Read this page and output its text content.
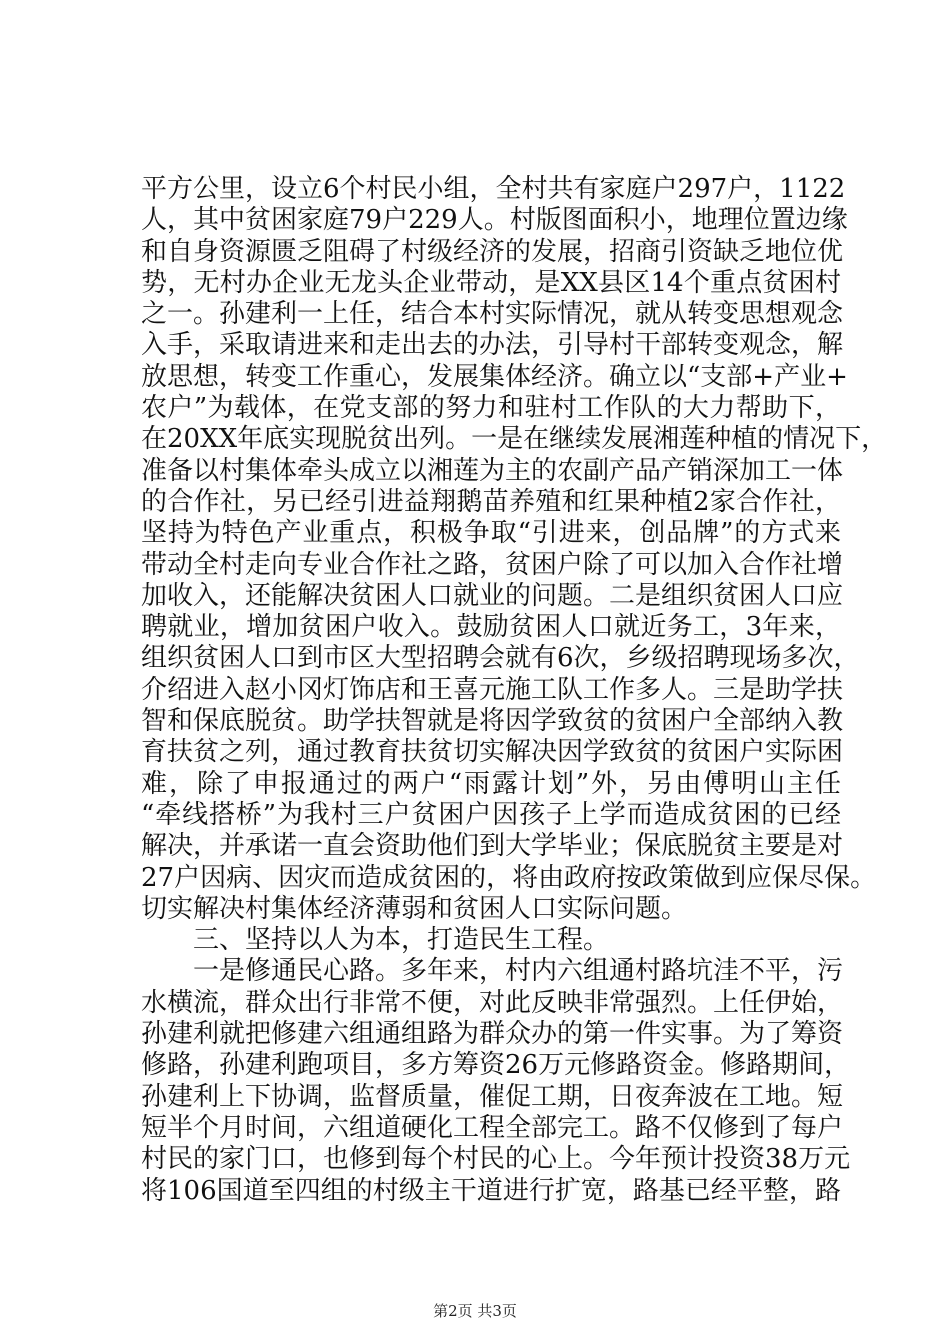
平方公里，设立6个村民小组，全村共有家庭户297户，1122
人，其中贫困家庭79户229人。村版图面积小，地理位置边缘
和自身资源匮乏阻碍了村级经济的发展，招商引资缺乏地位优
势，无村办企业无龙头企业带动，是XX县区14个重点贫困村
之一。孙建利一上任，结合本村实际情况，就从转变思想观念
入手，采取请进来和走出去的办法，引导村干部转变观念，解
放思想，转变工作重心，发展集体经济。确立以“支部+产业+
农户”为载体，在党支部的努力和驻村工作队的大力帮助下，
在20XX年底实现脱贫出列。一是在继续发展湘莲种植的情况下，
准备以村集体牵头成立以湘莲为主的农副产品产销深加工一体
的合作社，另已经引进益翔鹅苗养殖和红果种植2家合作社，
坚持为特色产业重点，积极争取“引进来，创品牌”的方式来
带动全村走向专业合作社之路，贫困户除了可以加入合作社增
加收入，还能解决贫困人口就业的问题。二是组织贫困人口应
聘就业，增加贫困户收入。鼓励贫困人口就近务工，3年来，
组织贫困人口到市区大型招聘会就有6次，乡级招聘现场多次，
介绍进入赵小冈灯饰店和王喜元施工队工作多人。三是助学扶
智和保底脱贫。助学扶智就是将因学致贫的贫困户全部纳入教
育扶贫之列，通过教育扶贫切实解决因学致贫的贫困户实际困
难，除了申报通过的两户“雨露计划”外，另由傅明山主任
“牵线搭桥”为我村三户贫困户因孩子上学而造成贫困的已经
解决，并承诺一直会资助他们到大学毕业；保底脱贫主要是对
27户因病、因灾而造成贫困的，将由政府按政策做到应保尽保。
切实解决村集体经济薄弱和贫困人口实际问题。
三、坚持以人为本，打造民生工程。
一是修通民心路。多年来，村内六组通村路坑洼不平，污
水横流，群众出行非常不便，对此反映非常强烈。上任伊始，
孙建利就把修建六组通组路为群众办的第一件实事。为了筹资
修路，孙建利跑项目，多方筹资26万元修路资金。修路期间，
孙建利上下协调，监督质量，催促工期，日夜奔波在工地。短
短半个月时间，六组道硬化工程全部完工。路不仅修到了每户
村民的家门口，也修到每个村民的心上。今年预计投资38万元
将106国道至四组的村级主干道进行扩宽，路基已经平整，路
第2页 共3页
